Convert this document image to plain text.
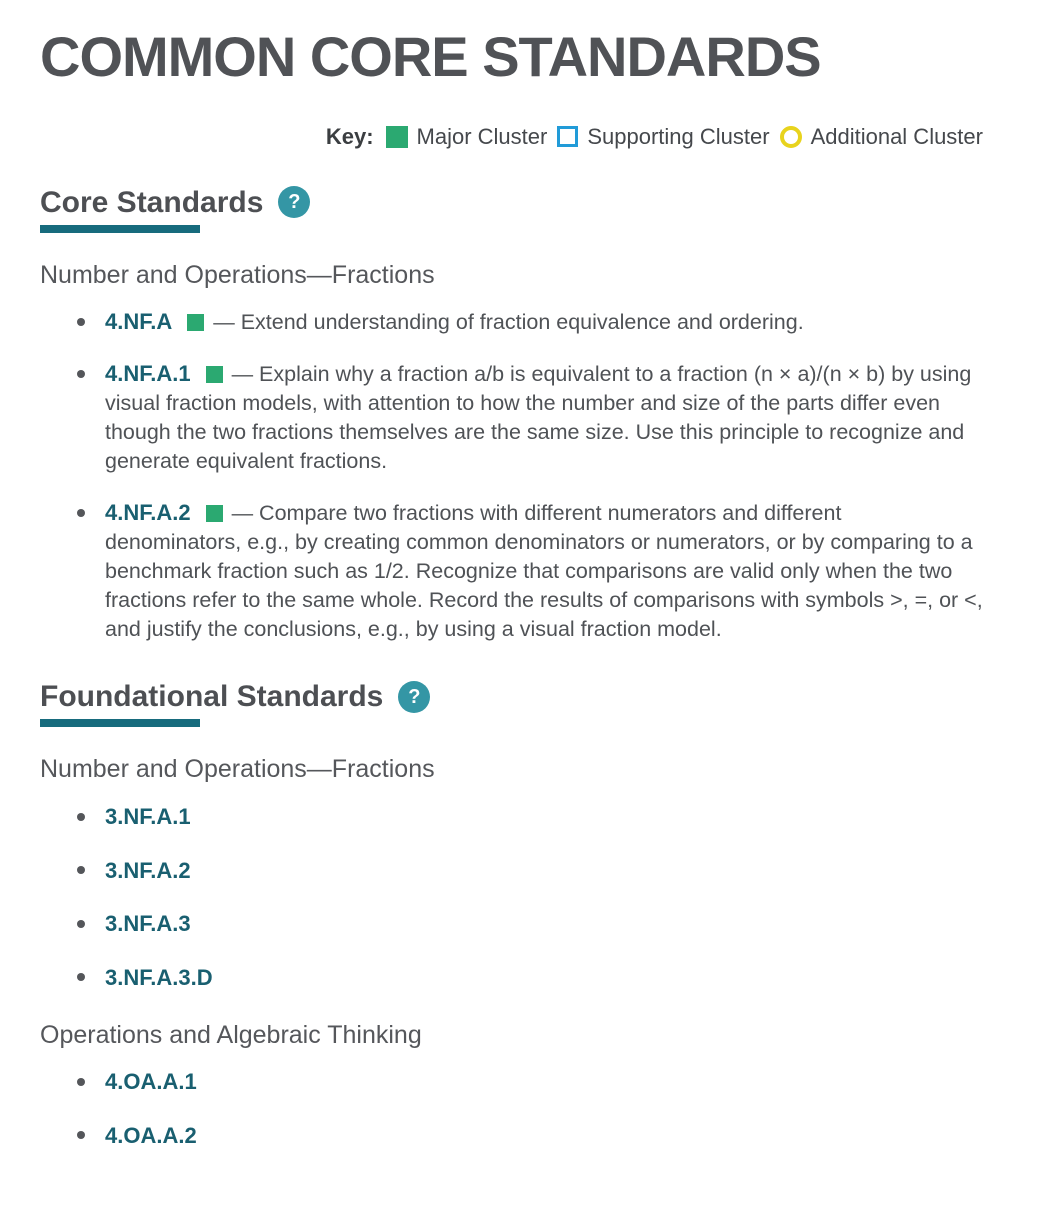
COMMON CORE STANDARDS
Key: Major Cluster Supporting Cluster Additional Cluster
Core Standards	?
Number and Operations—Fractions
4.NF.A — Extend understanding of fraction equivalence and ordering.
4.NF.A.1 — Explain why a fraction a/b is equivalent to a fraction (n × a)/(n × b) by using visual fraction models, with attention to how the number and size of the parts differ even though the two fractions themselves are the same size. Use this principle to recognize and generate equivalent fractions.
4.NF.A.2 — Compare two fractions with different numerators and different denominators, e.g., by creating common denominators or numerators, or by comparing to a benchmark fraction such as 1/2. Recognize that comparisons are valid only when the two fractions refer to the same whole. Record the results of comparisons with symbols >, =, or <, and justify the conclusions, e.g., by using a visual fraction model.
Foundational Standards	?
Number and Operations—Fractions
3.NF.A.1
3.NF.A.2
3.NF.A.3
3.NF.A.3.D
Operations and Algebraic Thinking
4.OA.A.1
4.OA.A.2
